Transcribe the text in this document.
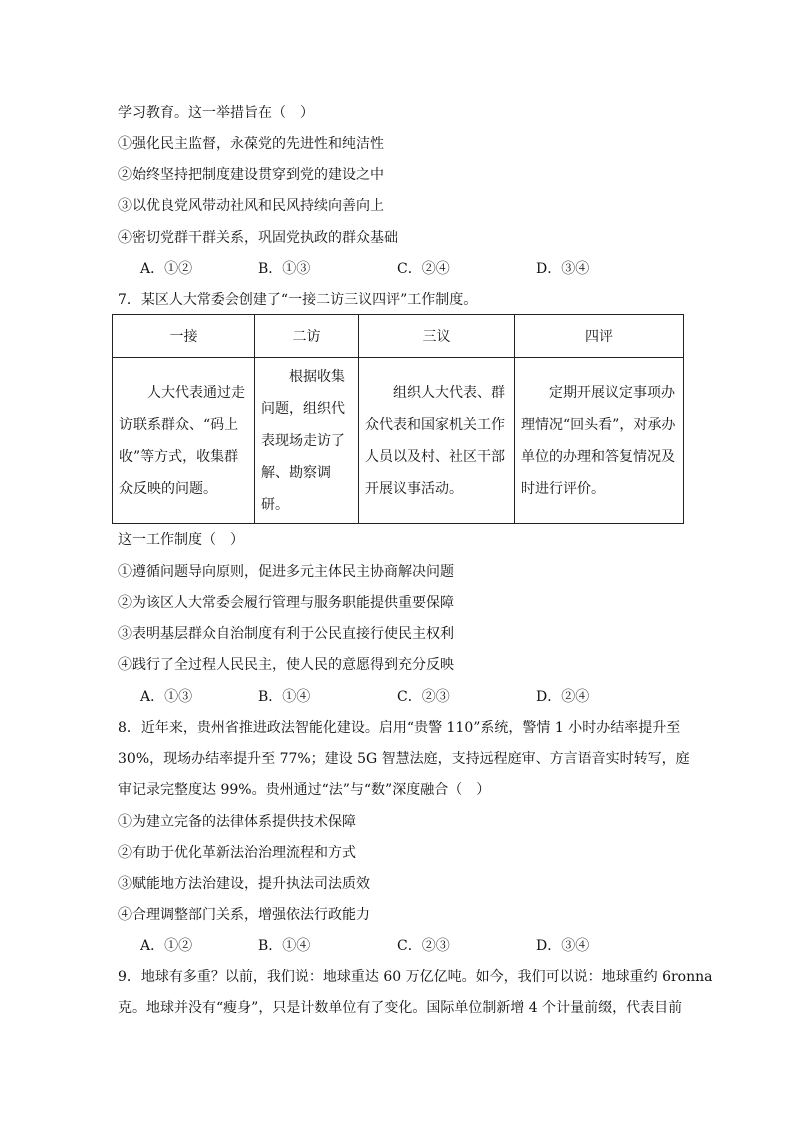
学习教育。这一举措旨在（　）
①强化民主监督，永葆党的先进性和纯洁性
②始终坚持把制度建设贯穿到党的建设之中
③以优良党风带动社风和民风持续向善向上
④密切党群干群关系，巩固党执政的群众基础
A．①②	B．①③	C．②④	D．③④
7．某区人大常委会创建了“一接二访三议四评”工作制度。
一接	二访	三议	四评

人大代表通过走访联系群众、“码上收”等方式，收集群众反映的问题。	根据收集问题，组织代表现场走访了解、勘察调研。	组织人大代表、群众代表和国家机关工作人员以及村、社区干部开展议事活动。	定期开展议定事项办理情况“回头看”，对承办单位的办理和答复情况及时进行评价。
这一工作制度（　）
①遵循问题导向原则，促进多元主体民主协商解决问题
②为该区人大常委会履行管理与服务职能提供重要保障
③表明基层群众自治制度有利于公民直接行使民主权利
④践行了全过程人民民主，使人民的意愿得到充分反映
A．①③	B．①④	C．②③	D．②④
8．近年来，贵州省推进政法智能化建设。启用“贵警 110”系统，警情 1 小时办结率提升至
30%，现场办结率提升至 77%；建设 5G 智慧法庭，支持远程庭审、方言语音实时转写，庭
审记录完整度达 99%。贵州通过“法”与“数”深度融合（　）
①为建立完备的法律体系提供技术保障
②有助于优化革新法治治理流程和方式
③赋能地方法治建设，提升执法司法质效
④合理调整部门关系，增强依法行政能力
A．①②	B．①④	C．②③	D．③④
9．地球有多重？以前，我们说：地球重达 60 万亿亿吨。如今，我们可以说：地球重约 6ronna
克。地球并没有“瘦身”，只是计数单位有了变化。国际单位制新增 4 个计量前缀，代表目前
